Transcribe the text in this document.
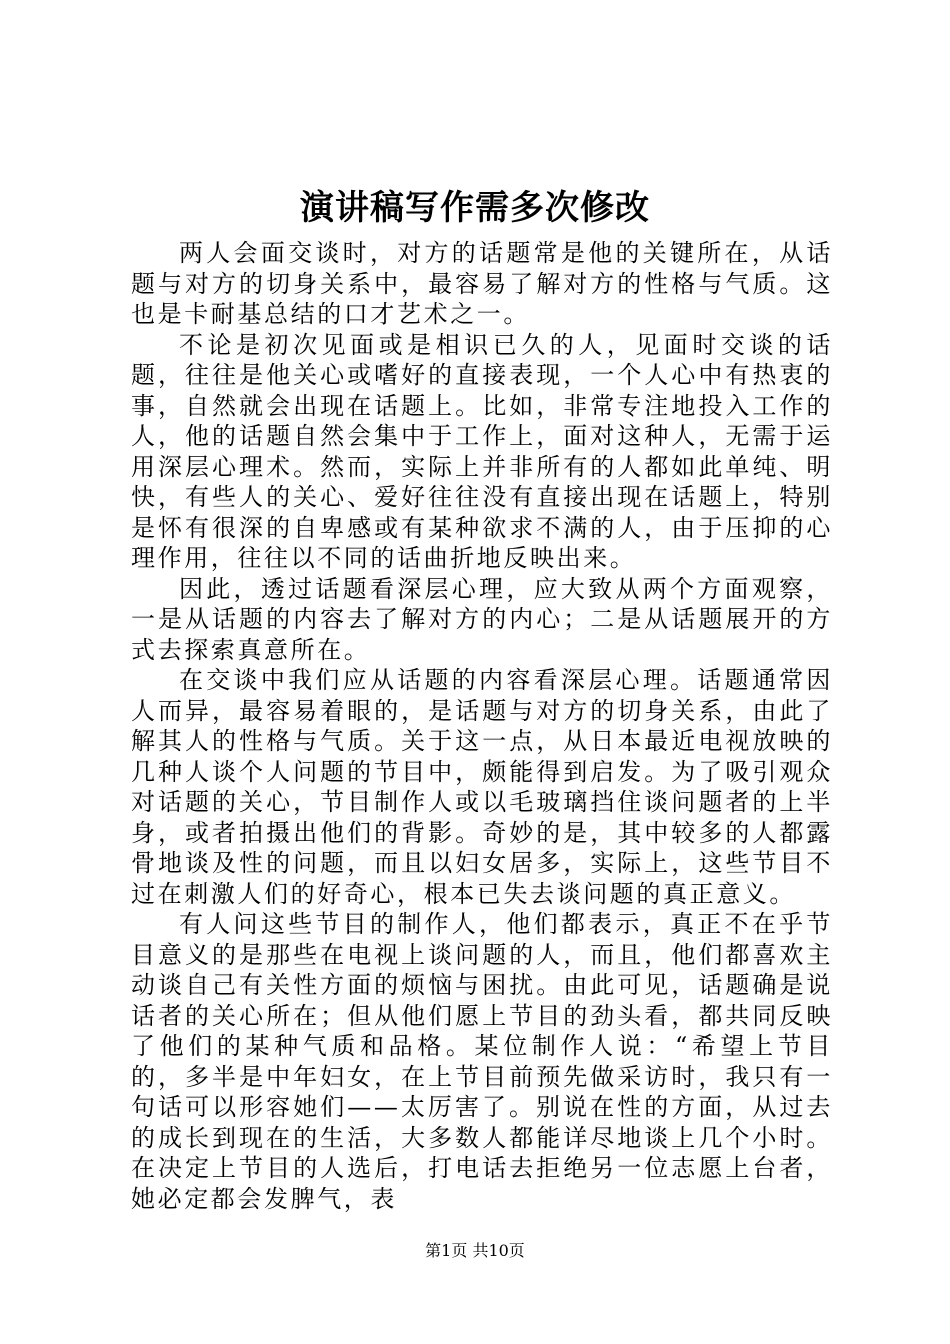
演讲稿写作需多次修改

两人会面交谈时，对方的话题常是他的关键所在，从话题与对方的切身关系中，最容易了解对方的性格与气质。这也是卡耐基总结的口才艺术之一。

不论是初次见面或是相识已久的人，见面时交谈的话题，往往是他关心或嗜好的直接表现，一个人心中有热衷的事，自然就会出现在话题上。比如，非常专注地投入工作的人，他的话题自然会集中于工作上，面对这种人，无需于运用深层心理术。然而，实际上并非所有的人都如此单纯、明快，有些人的关心、爱好往往没有直接出现在话题上，特别是怀有很深的自卑感或有某种欲求不满的人，由于压抑的心理作用，往往以不同的话曲折地反映出来。

因此，透过话题看深层心理，应大致从两个方面观察，一是从话题的内容去了解对方的内心；二是从话题展开的方式去探索真意所在。

在交谈中我们应从话题的内容看深层心理。话题通常因人而异，最容易着眼的，是话题与对方的切身关系，由此了解其人的性格与气质。关于这一点，从日本最近电视放映的几种人谈个人问题的节目中，颇能得到启发。为了吸引观众对话题的关心，节目制作人或以毛玻璃挡住谈问题者的上半身，或者拍摄出他们的背影。奇妙的是，其中较多的人都露骨地谈及性的问题，而且以妇女居多，实际上，这些节目不过在刺激人们的好奇心，根本已失去谈问题的真正意义。

有人问这些节目的制作人，他们都表示，真正不在乎节目意义的是那些在电视上谈问题的人，而且，他们都喜欢主动谈自己有关性方面的烦恼与困扰。由此可见，话题确是说话者的关心所在；但从他们愿上节目的劲头看，都共同反映了他们的某种气质和品格。某位制作人说：“希望上节目的，多半是中年妇女，在上节目前预先做采访时，我只有一句话可以形容她们——太厉害了。别说在性的方面，从过去的成长到现在的生活，大多数人都能详尽地谈上几个小时。在决定上节目的人选后，打电话去拒绝另一位志愿上台者，她必定都会发脾气，表

第1页 共10页
